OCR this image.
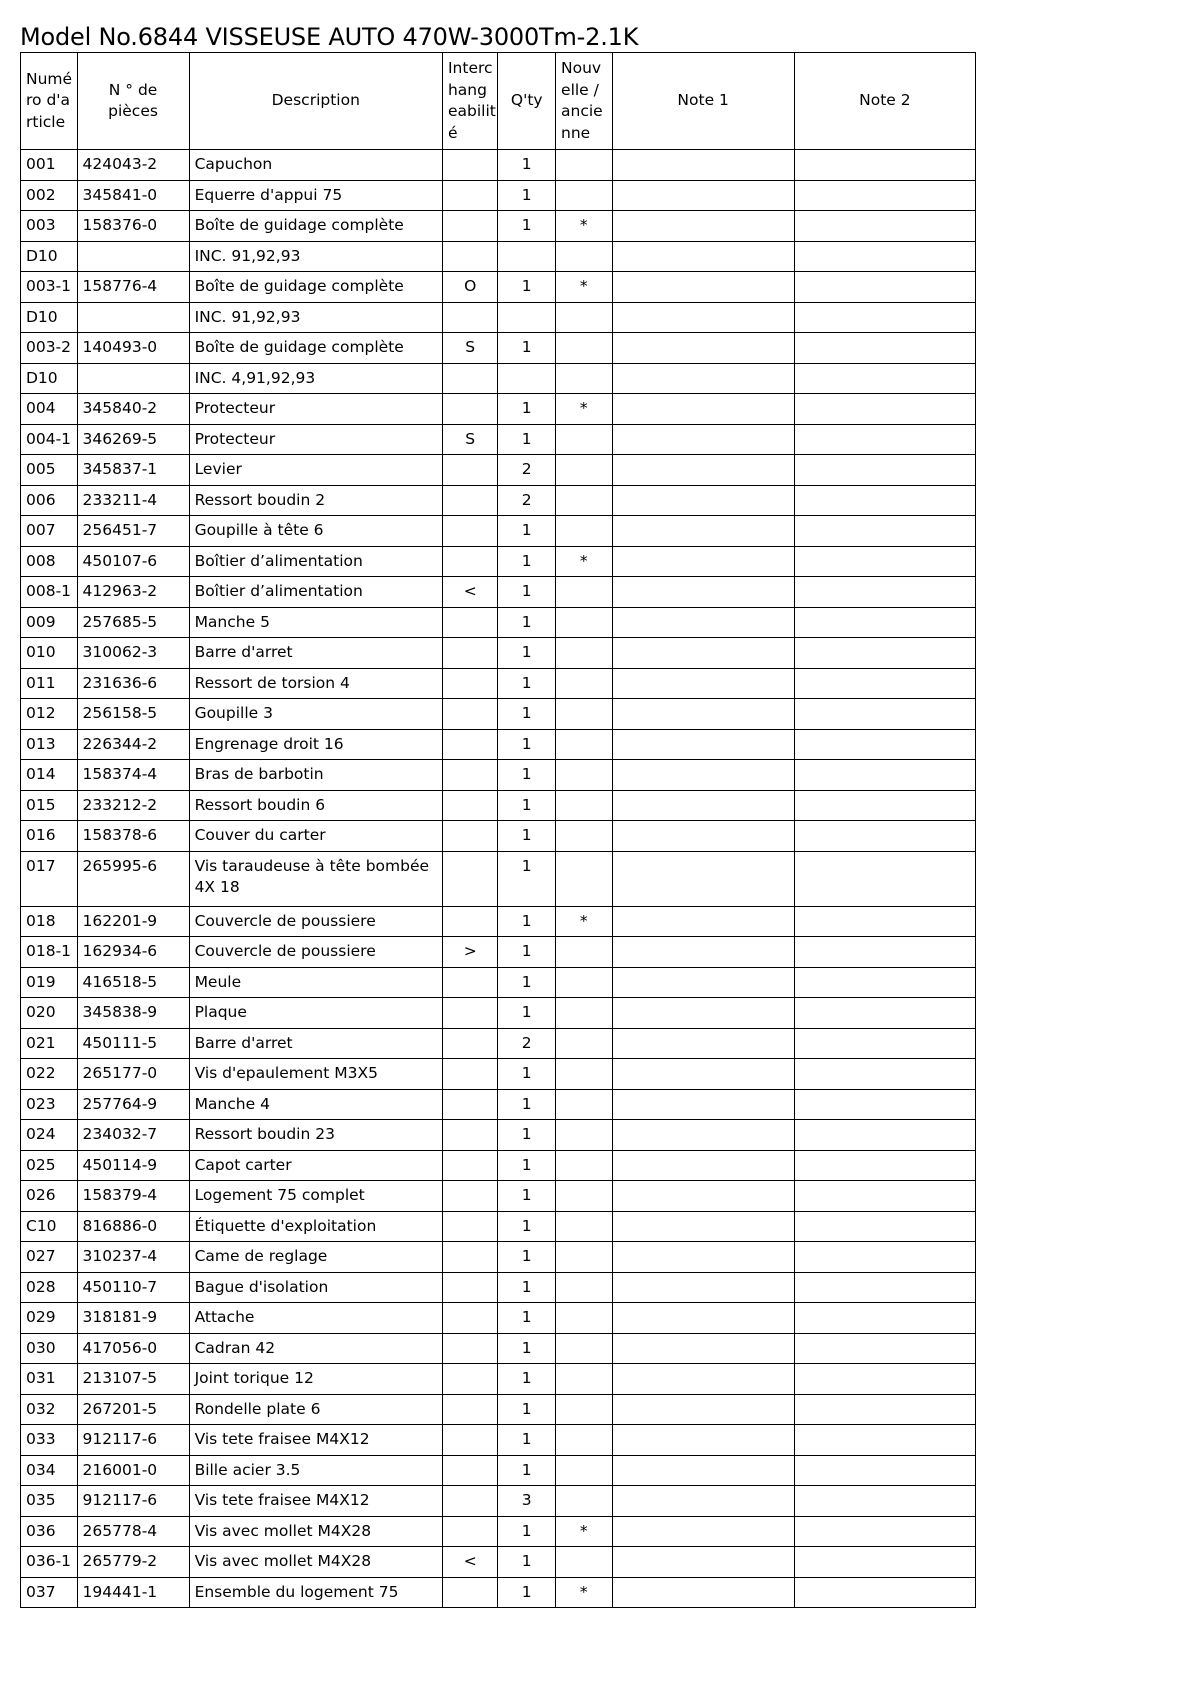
Model No.6844 VISSEUSE AUTO 470W-3000Tm-2.1K
Numé ro d'a rticle	N ° de pièces	Description	Interc hang eabilit é	Q'ty	Nouv elle / ancie nne	Note 1	Note 2
001	424043-2	Capuchon		1			
002	345841-0	Equerre d'appui 75		1			
003	158376-0	Boîte de guidage complète		1	*		
D10		INC. 91,92,93					
003-1	158776-4	Boîte de guidage complète	O	1	*		
D10		INC. 91,92,93					
003-2	140493-0	Boîte de guidage complète	S	1			
D10		INC. 4,91,92,93					
004	345840-2	Protecteur		1	*		
004-1	346269-5	Protecteur	S	1			
005	345837-1	Levier		2			
006	233211-4	Ressort boudin 2		2			
007	256451-7	Goupille à tête 6		1			
008	450107-6	Boîtier d’alimentation		1	*		
008-1	412963-2	Boîtier d’alimentation	<	1			
009	257685-5	Manche 5		1			
010	310062-3	Barre d'arret		1			
011	231636-6	Ressort de torsion 4		1			
012	256158-5	Goupille 3		1			
013	226344-2	Engrenage droit 16		1			
014	158374-4	Bras de barbotin		1			
015	233212-2	Ressort boudin 6		1			
016	158378-6	Couver du carter		1			
017	265995-6	Vis taraudeuse à tête bombée 4X 18		1			
018	162201-9	Couvercle de poussiere		1	*		
018-1	162934-6	Couvercle de poussiere	>	1			
019	416518-5	Meule		1			
020	345838-9	Plaque		1			
021	450111-5	Barre d'arret		2			
022	265177-0	Vis d'epaulement M3X5		1			
023	257764-9	Manche 4		1			
024	234032-7	Ressort boudin 23		1			
025	450114-9	Capot carter		1			
026	158379-4	Logement 75 complet		1			
C10	816886-0	Étiquette d'exploitation		1			
027	310237-4	Came de reglage		1			
028	450110-7	Bague d'isolation		1			
029	318181-9	Attache		1			
030	417056-0	Cadran 42		1			
031	213107-5	Joint torique 12		1			
032	267201-5	Rondelle plate 6		1			
033	912117-6	Vis tete fraisee M4X12		1			
034	216001-0	Bille acier 3.5		1			
035	912117-6	Vis tete fraisee M4X12		3			
036	265778-4	Vis avec mollet M4X28		1	*		
036-1	265779-2	Vis avec mollet M4X28	<	1			
037	194441-1	Ensemble du logement 75		1	*		
